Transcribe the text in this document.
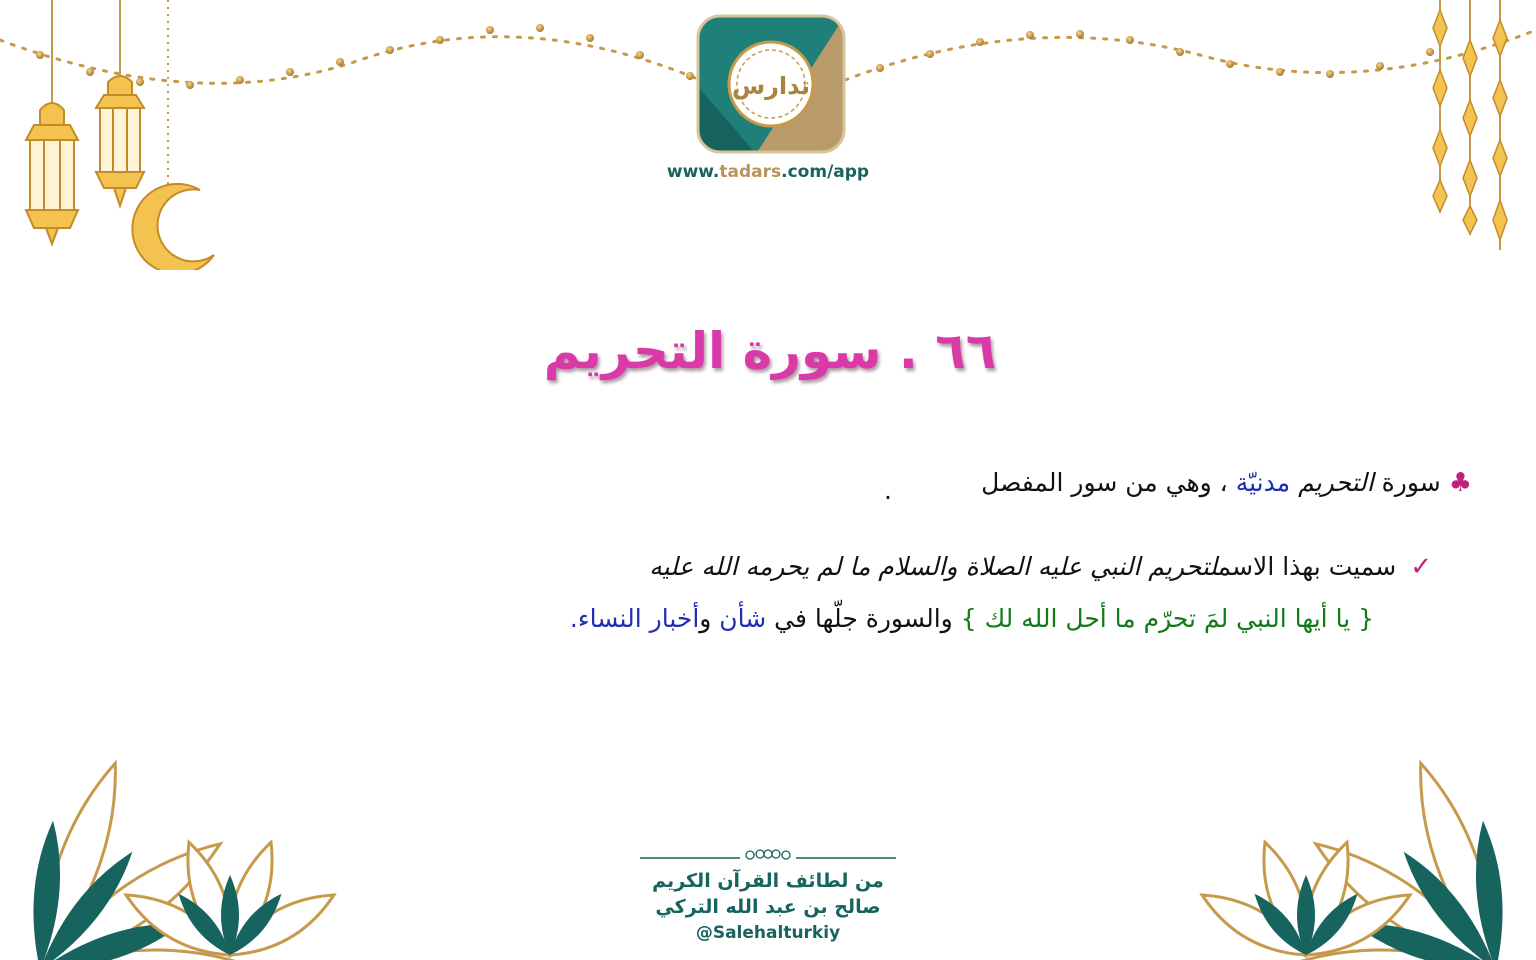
تدارس
www.tadars.com/app
٦٦ . سورة التحريم
♣سورة التحريم مدنيّة ، وهي من سور المفصل
.
✓سميت بهذا الاسملتحريم النبي عليه الصلاة والسلام ما لم يحرمه الله عليه
{ يا أيها النبي لمَ تحرّم ما أحل الله لك } والسورة جلّها في شأن وأخبار النساء.
من لطائف القرآن الكريم
صالح بن عبد الله التركي
@Salehalturkiy
